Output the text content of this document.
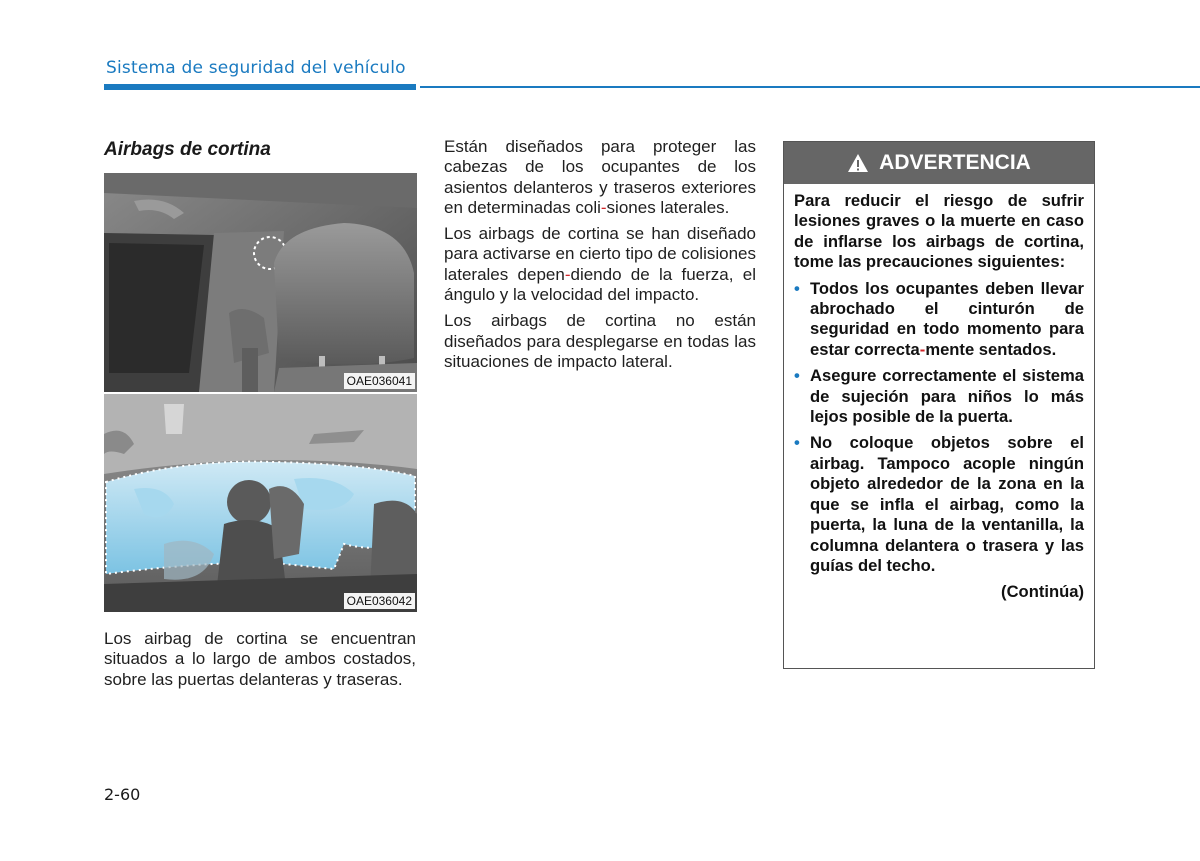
Sistema de seguridad del vehículo
Airbags de cortina
OAE036041
OAE036042

Los airbag de cortina se encuentran situados a lo largo de ambos costados, sobre las puertas delanteras y traseras.

Están diseñados para proteger las cabezas de los ocupantes de los asientos delanteros y traseros exteriores en determinadas coli-siones laterales.

Los airbags de cortina se han diseñado para activarse en cierto tipo de colisiones laterales depen-diendo de la fuerza, el ángulo y la velocidad del impacto.

Los airbags de cortina no están diseñados para desplegarse en todas las situaciones de impacto lateral.

ADVERTENCIA

Para reducir el riesgo de sufrir lesiones graves o la muerte en caso de inflarse los airbags de cortina, tome las precauciones siguientes:

• Todos los ocupantes deben llevar abrochado el cinturón de seguridad en todo momento para estar correcta-mente sentados.
• Asegure correctamente el sistema de sujeción para niños lo más lejos posible de la puerta.
• No coloque objetos sobre el airbag. Tampoco acople ningún objeto alrededor de la zona en la que se infla el airbag, como la puerta, la luna de la ventanilla, la columna delantera o trasera y las guías del techo.
(Continúa)
2-60
